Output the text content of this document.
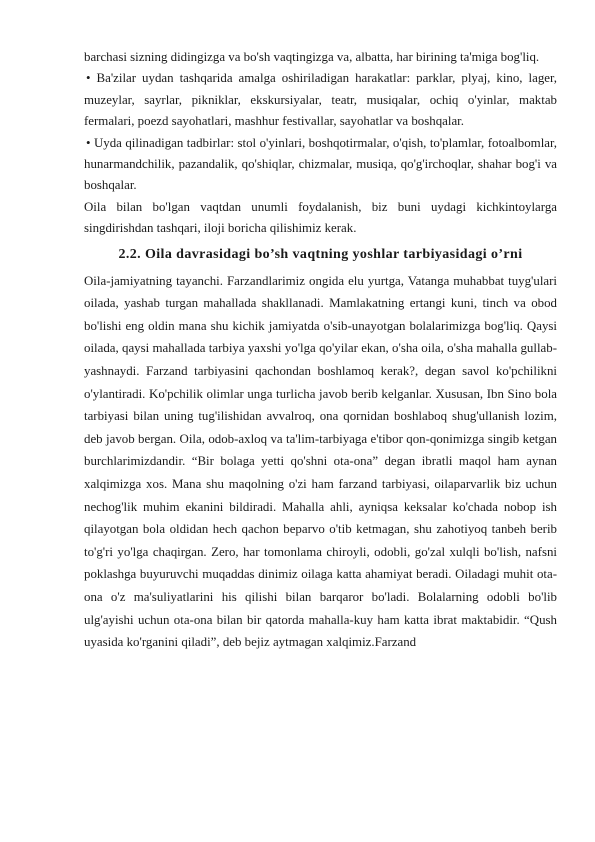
barchasi sizning didingizga va bo'sh vaqtingizga va, albatta, har birining ta'miga bog'liq.

• Ba'zilar uydan tashqarida amalga oshiriladigan harakatlar: parklar, plyaj, kino, lager, muzeylar, sayrlar, pikniklar, ekskursiyalar, teatr, musiqalar, ochiq o'yinlar, maktab fermalari, poezd sayohatlari, mashhur festivallar, sayohatlar va boshqalar.

• Uyda qilinadigan tadbirlar: stol o'yinlari, boshqotirmalar, o'qish, to'plamlar, fotoalbomlar, hunarmandchilik, pazandalik, qo'shiqlar, chizmalar, musiqa, qo'g'irchoqlar, shahar bog'i va boshqalar.

Oila bilan bo'lgan vaqtdan unumli foydalanish, biz buni uydagi kichkintoylarga singdirishdan tashqari, iloji boricha qilishimiz kerak.

2.2. Oila davrasidagi bo’sh vaqtning yoshlar tarbiyasidagi o’rni

Oila-jamiyatning tayanchi. Farzandlarimiz ongida elu yurtga, Vatanga muhabbat tuyg'ulari oilada, yashab turgan mahallada shakllanadi. Mamlakatning ertangi kuni, tinch va obod bo'lishi eng oldin mana shu kichik jamiyatda o'sib-unayotgan bolalarimizga bog'liq. Qaysi oilada, qaysi mahallada tarbiya yaxshi yo'lga qo'yilar ekan, o'sha oila, o'sha mahalla gullab-yashnaydi. Farzand tarbiyasini qachondan boshlamoq kerak?, degan savol ko'pchilikni o'ylantiradi. Ko'pchilik olimlar unga turlicha javob berib kelganlar. Xususan, Ibn Sino bola tarbiyasi bilan uning tug'ilishidan avvalroq, ona qornidan boshlaboq shug'ullanish lozim, deb javob bergan. Oila, odob-axloq va ta'lim-tarbiyaga e'tibor qon-qonimizga singib ketgan burchlarimizdandir. “Bir bolaga yetti qo'shni ota-ona” degan ibratli maqol ham aynan xalqimizga xos. Mana shu maqolning o'zi ham farzand tarbiyasi, oilaparvarlik biz uchun nechog'lik muhim ekanini bildiradi. Mahalla ahli, ayniqsa keksalar ko'chada nobop ish qilayotgan bola oldidan hech qachon beparvo o'tib ketmagan, shu zahotiyoq tanbeh berib to'g'ri yo'lga chaqirgan. Zero, har tomonlama chiroyli, odobli, go'zal xulqli bo'lish, nafsni poklashga buyuruvchi muqaddas dinimiz oilaga katta ahamiyat beradi. Oiladagi muhit ota-ona o'z ma'suliyatlarini his qilishi bilan barqaror bo'ladi. Bolalarning odobli bo'lib ulg'ayishi uchun ota-ona bilan bir qatorda mahalla-kuy ham katta ibrat maktabidir. “Qush uyasida ko'rganini qiladi”, deb bejiz aytmagan xalqimiz.Farzand
